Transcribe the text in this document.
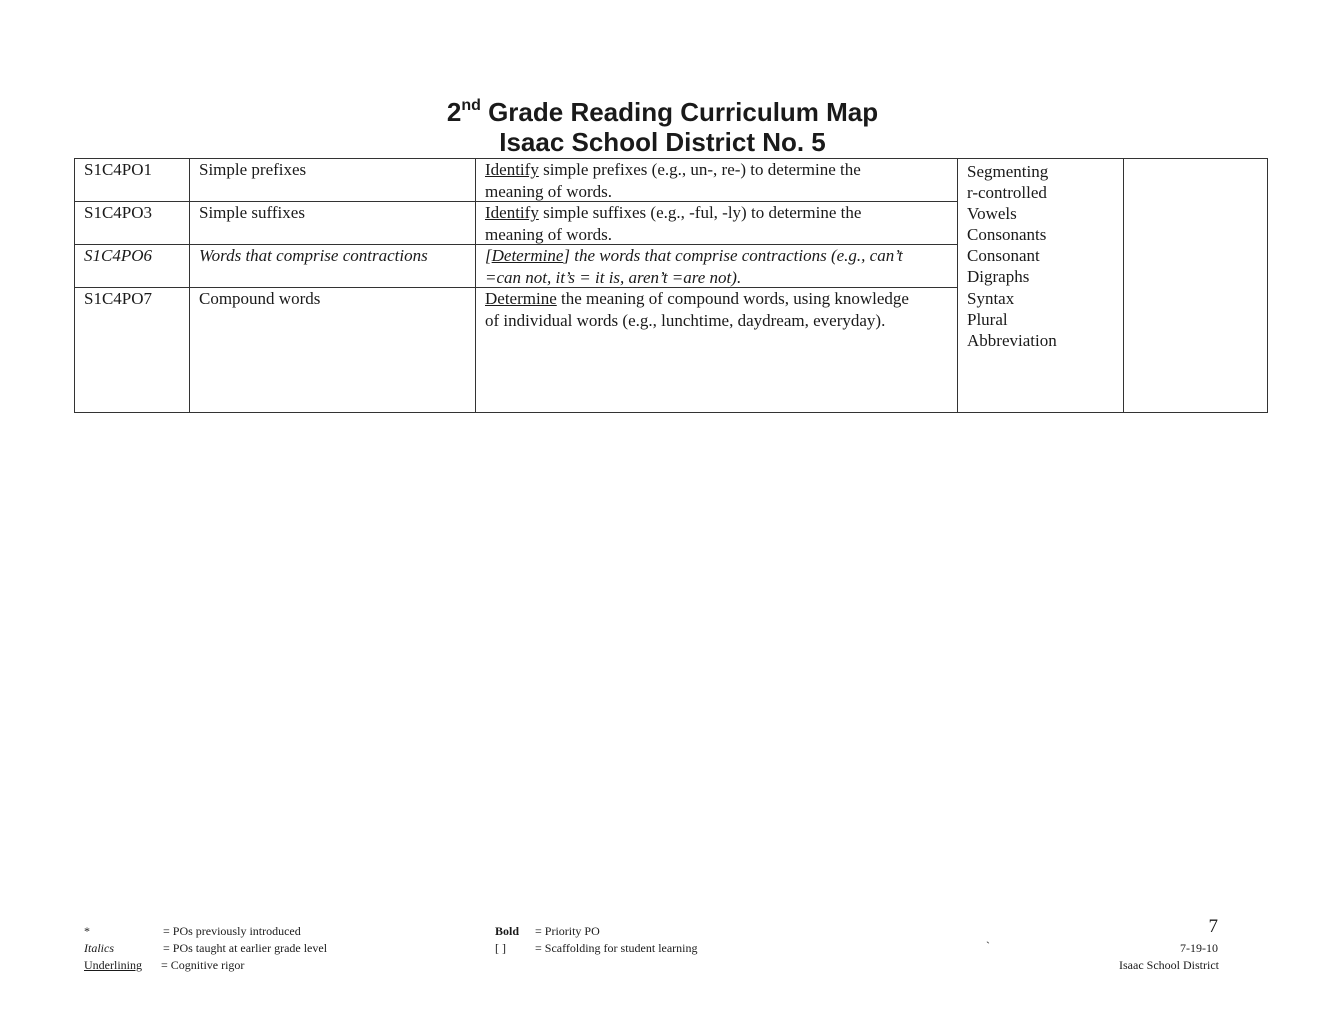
2nd Grade Reading Curriculum Map
Isaac School District No. 5
S1C4PO1	Simple prefixes	Identify simple prefixes (e.g., un-, re-) to determine the
meaning of words.
S1C4PO3	Simple suffixes	Identify simple suffixes (e.g., -ful, -ly) to determine the
meaning of words.
S1C4PO6	Words that comprise contractions	[Determine] the words that comprise contractions (e.g., can’t
=can not, it’s = it is, aren’t =are not).
S1C4PO7	Compound words	Determine the meaning of compound words, using knowledge
of individual words (e.g., lunchtime, daydream, everyday).
Segmenting
r-controlled
Vowels
Consonants
Consonant
Digraphs
Syntax
Plural
Abbreviation
*	= POs previously introduced
Italics	= POs taught at earlier grade level
Underlining = Cognitive rigor
Bold = Priority PO
[ ] = Scaffolding for student learning	`
7
7-19-10
Isaac School District
